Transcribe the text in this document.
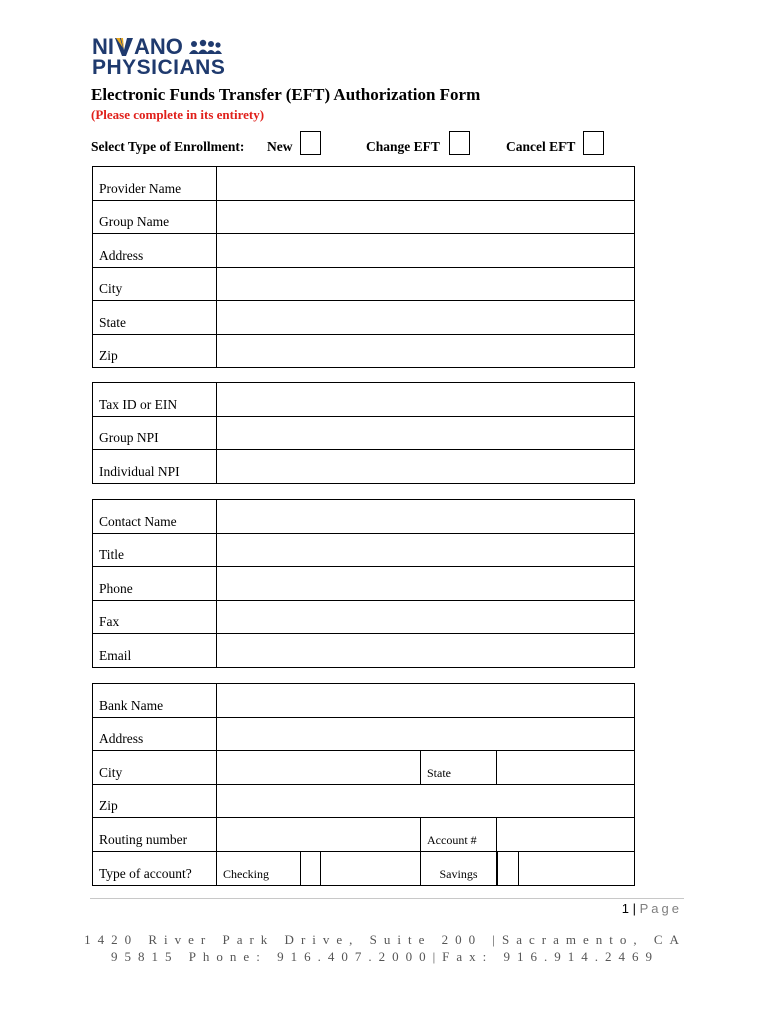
NI ANO
PHYSICIANS
Electronic Funds Transfer (EFT) Authorization Form
(Please complete in its entirety)
Select Type of Enrollment: New	Change EFT	Cancel EFT
Provider Name	
Group Name	
Address	
City	
State	
Zip	
Tax ID or EIN	
Group NPI	
Individual NPI	
Contact Name	
Title	
Phone	
Fax	
Email	
Bank Name					
Address					
City				State	
Zip					
Routing number				Account #	
Type of account?	Checking			Savings	
1 | Page
1420 River Park Drive, Suite 200 |Sacramento, CA
95815 Phone: 916.407.2000|Fax: 916.914.2469
